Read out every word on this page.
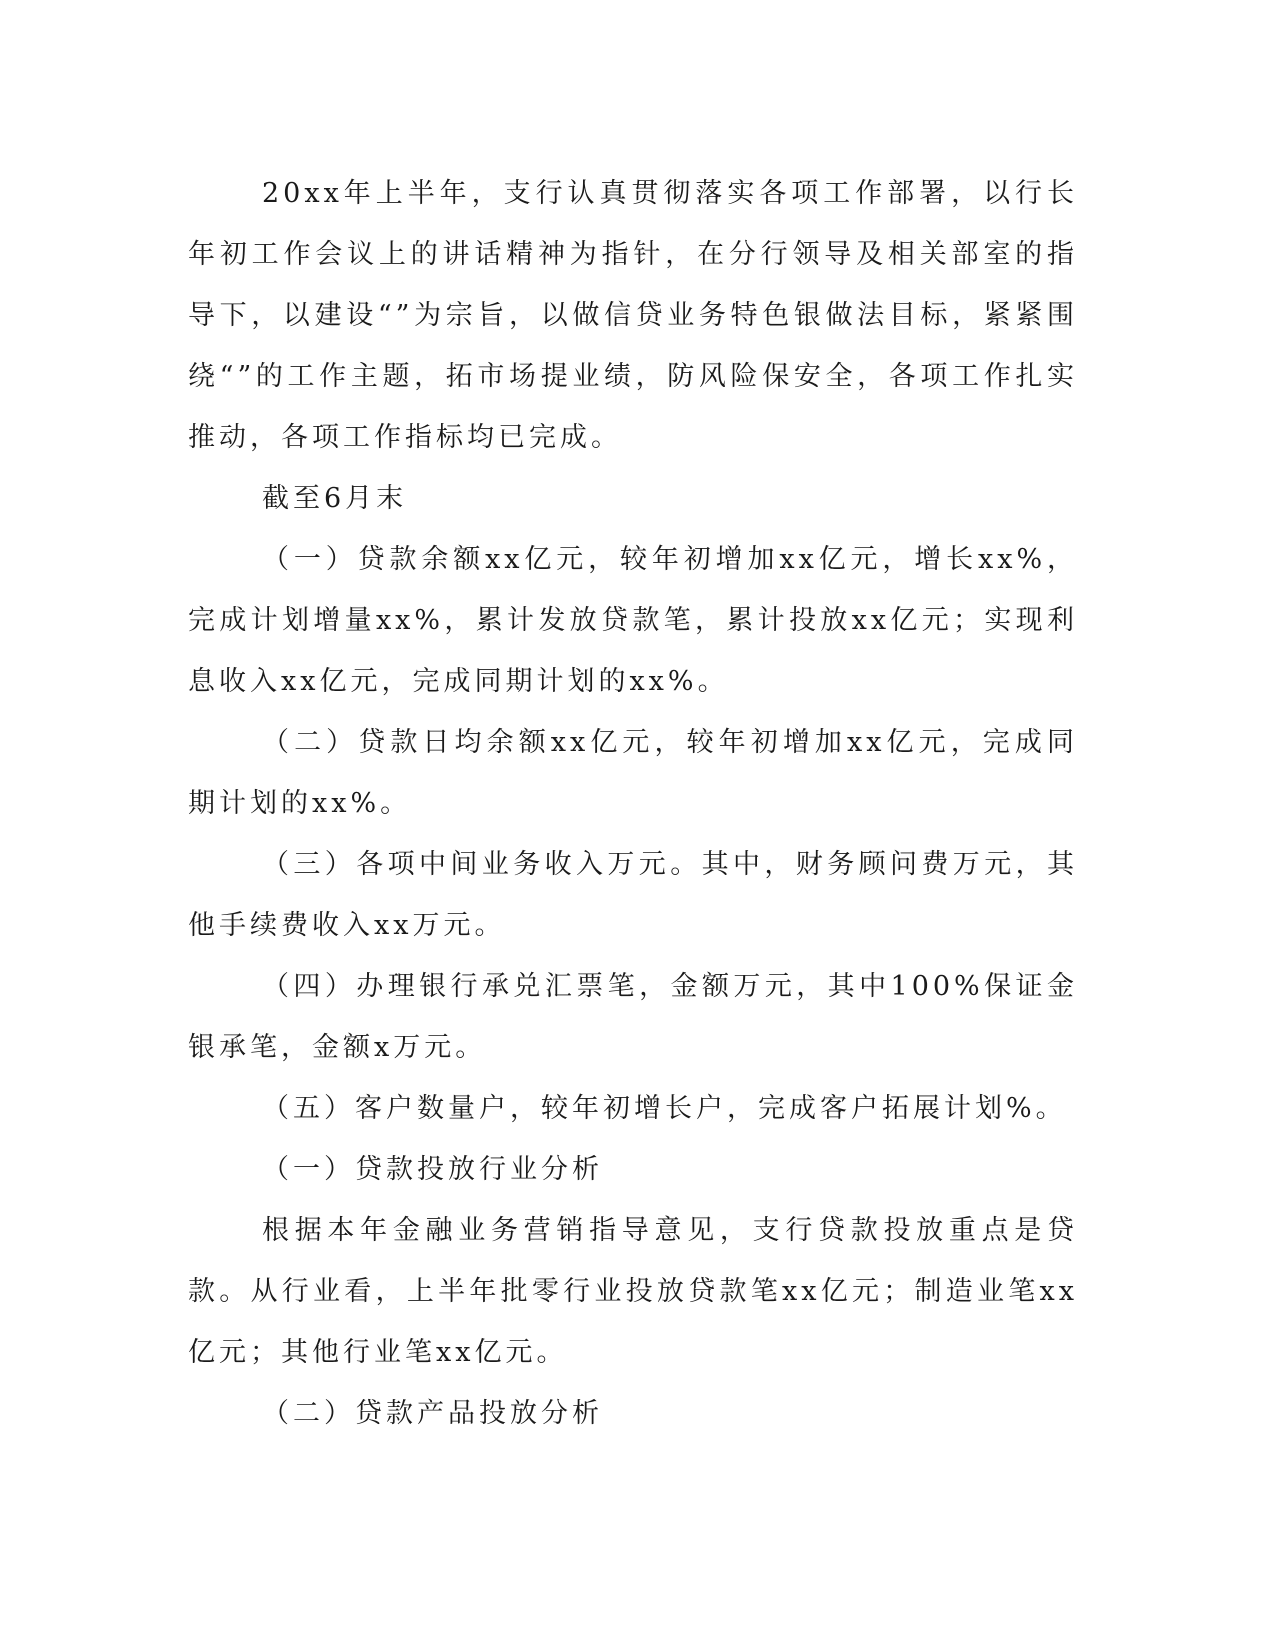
20xx年上半年，支行认真贯彻落实各项工作部署，以行长年初工作会议上的讲话精神为指针，在分行领导及相关部室的指导下，以建设“”为宗旨，以做信贷业务特色银做法目标，紧紧围绕“”的工作主题，拓市场提业绩，防风险保安全，各项工作扎实推动，各项工作指标均已完成。

截至6月末

（一）贷款余额xx亿元，较年初增加xx亿元，增长xx%，完成计划增量xx%，累计发放贷款笔，累计投放xx亿元；实现利息收入xx亿元，完成同期计划的xx%。

（二）贷款日均余额xx亿元，较年初增加xx亿元，完成同期计划的xx%。

（三）各项中间业务收入万元。其中，财务顾问费万元，其他手续费收入xx万元。

（四）办理银行承兑汇票笔，金额万元，其中100%保证金银承笔，金额x万元。

（五）客户数量户，较年初增长户，完成客户拓展计划%。

（一）贷款投放行业分析

根据本年金融业务营销指导意见，支行贷款投放重点是贷款。从行业看，上半年批零行业投放贷款笔xx亿元；制造业笔xx亿元；其他行业笔xx亿元。

（二）贷款产品投放分析
